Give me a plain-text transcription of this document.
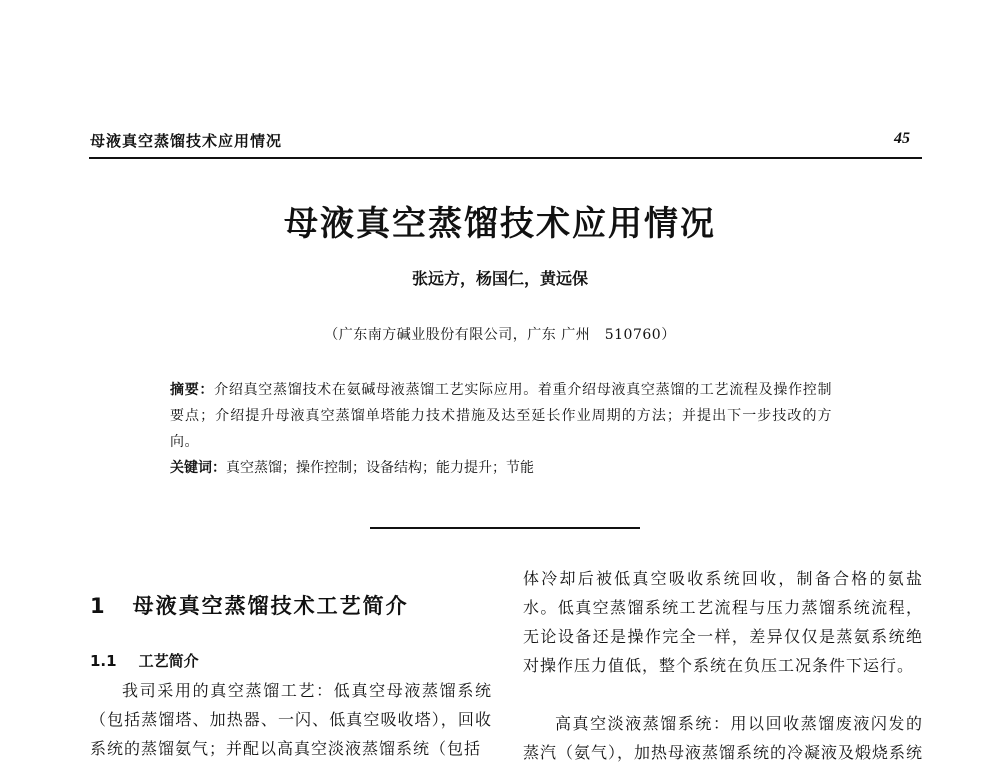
母液真空蒸馏技术应用情况	45
母液真空蒸馏技术应用情况
张远方，杨国仁，黄远保
（广东南方碱业股份有限公司，广东 广州　510760）
摘要：介绍真空蒸馏技术在氨碱母液蒸馏工艺实际应用。着重介绍母液真空蒸馏的工艺流程及操作控制要点；介绍提升母液真空蒸馏单塔能力技术措施及达至延长作业周期的方法；并提出下一步技改的方向。
关键词：真空蒸馏；操作控制；设备结构；能力提升；节能
1 母液真空蒸馏技术工艺简介
1.1 工艺简介
我司采用的真空蒸馏工艺：低真空母液蒸馏系统（包括蒸馏塔、加热器、一闪、低真空吸收塔），回收系统的蒸馏氨气；并配以高真空淡液蒸馏系统（包括
体冷却后被低真空吸收系统回收，制备合格的氨盐水。低真空蒸馏系统工艺流程与压力蒸馏系统流程，无论设备还是操作完全一样，差异仅仅是蒸氨系统绝对操作压力值低，整个系统在负压工况条件下运行。
高真空淡液蒸馏系统：用以回收蒸馏废液闪发的蒸汽（氨气），加热母液蒸馏系统的冷凝液及煅烧系统
